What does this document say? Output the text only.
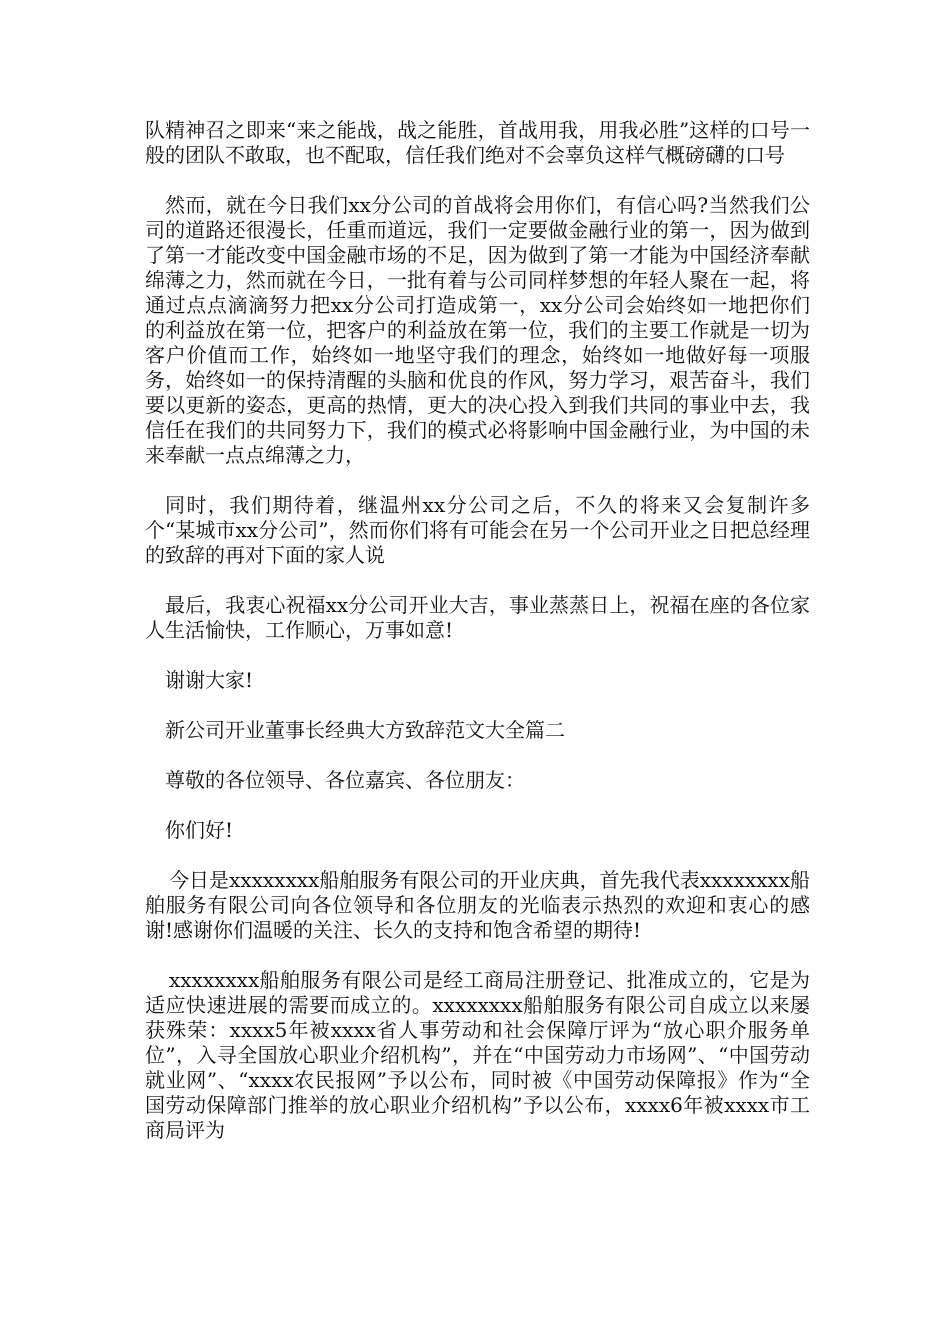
队精神召之即来“来之能战，战之能胜，首战用我，用我必胜”这样的口号一般的团队不敢取，也不配取，信任我们绝对不会辜负这样气概磅礴的口号

然而，就在今日我们xx分公司的首战将会用你们，有信心吗?当然我们公司的道路还很漫长，任重而道远，我们一定要做金融行业的第一，因为做到了第一才能改变中国金融市场的不足，因为做到了第一才能为中国经济奉献绵薄之力，然而就在今日，一批有着与公司同样梦想的年轻人聚在一起，将通过点点滴滴努力把xx分公司打造成第一，xx分公司会始终如一地把你们的利益放在第一位，把客户的利益放在第一位，我们的主要工作就是一切为客户价值而工作，始终如一地坚守我们的理念，始终如一地做好每一项服务，始终如一的保持清醒的头脑和优良的作风，努力学习，艰苦奋斗，我们要以更新的姿态，更高的热情，更大的决心投入到我们共同的事业中去，我信任在我们的共同努力下，我们的模式必将影响中国金融行业，为中国的未来奉献一点点绵薄之力，

同时，我们期待着，继温州xx分公司之后，不久的将来又会复制许多个“某城市xx分公司”，然而你们将有可能会在另一个公司开业之日把总经理的致辞的再对下面的家人说

最后，我衷心祝福xx分公司开业大吉，事业蒸蒸日上，祝福在座的各位家人生活愉快，工作顺心，万事如意!

谢谢大家!

新公司开业董事长经典大方致辞范文大全篇二

尊敬的各位领导、各位嘉宾、各位朋友：

你们好!

今日是xxxxxxxx船舶服务有限公司的开业庆典，首先我代表xxxxxxxx船舶服务有限公司向各位领导和各位朋友的光临表示热烈的欢迎和衷心的感谢!感谢你们温暖的关注、长久的支持和饱含希望的期待!

xxxxxxxx船舶服务有限公司是经工商局注册登记、批准成立的，它是为适应快速进展的需要而成立的。xxxxxxxx船舶服务有限公司自成立以来屡获殊荣：xxxx5年被xxxx省人事劳动和社会保障厅评为“放心职介服务单位”，入寻全国放心职业介绍机构”，并在“中国劳动力市场网”、“中国劳动就业网”、“xxxx农民报网”予以公布，同时被《中国劳动保障报》作为“全国劳动保障部门推举的放心职业介绍机构”予以公布，xxxx6年被xxxx市工商局评为
